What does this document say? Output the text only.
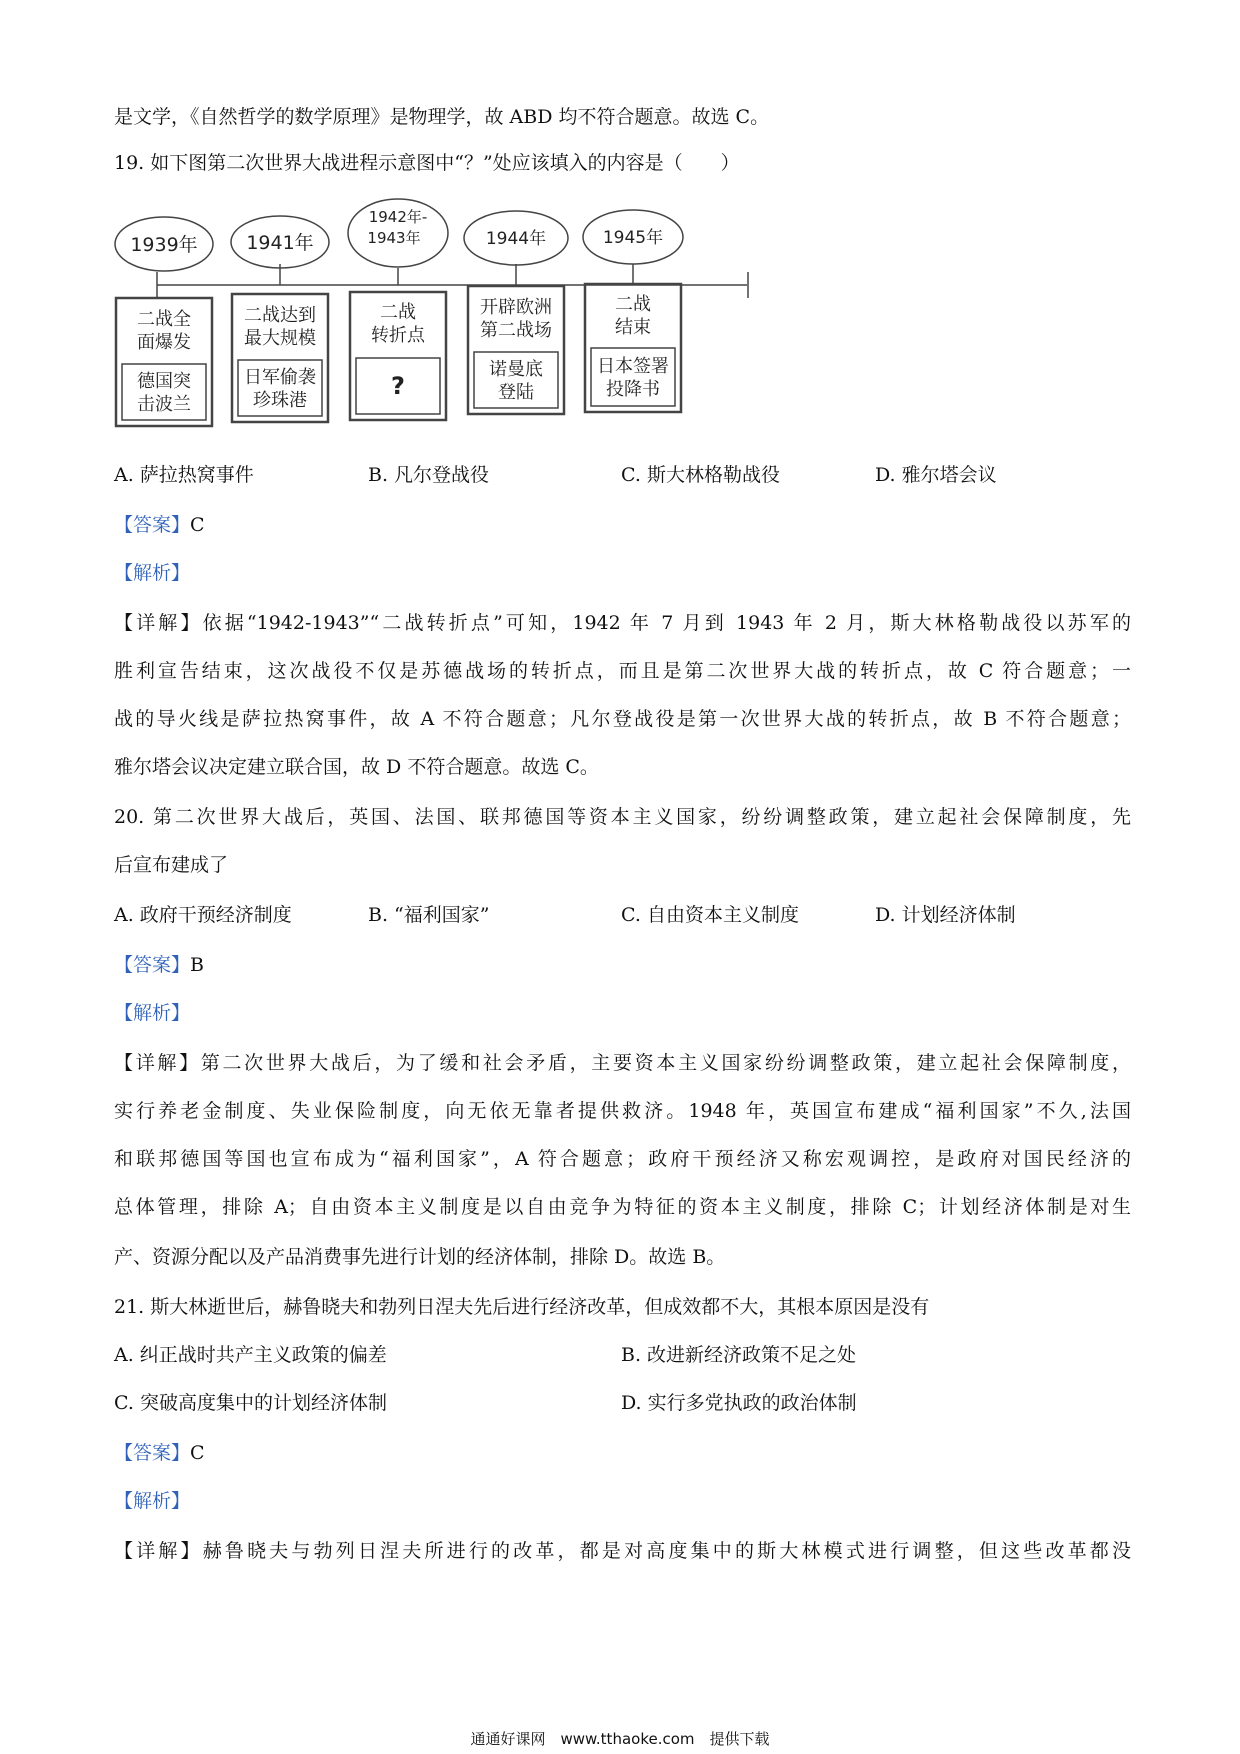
是文学，《自然哲学的数学原理》是物理学，故 ABD 均不符合题意。故选 C。
19. 如下图第二次世界大战进程示意图中“？”处应该填入的内容是（　　）
1939年	1941年
1942年-
1943年	1944年	1945年
二战全
面爆发
二战达到
最大规模
二战
转折点
开辟欧洲
第二战场
二战
结束
德国突
击波兰
日军偷袭
珍珠港
?
诺曼底
登陆
日本签署
投降书
A. 萨拉热窝事件	B. 凡尔登战役	C. 斯大林格勒战役	D. 雅尔塔会议
【答案】C
【解析】
【详解】依据“1942-1943”“二战转折点”可知，1942 年 7 月到 1943 年 2 月，斯大林格勒战役以苏军的
胜利宣告结束，这次战役不仅是苏德战场的转折点，而且是第二次世界大战的转折点，故 C 符合题意；一
战的导火线是萨拉热窝事件，故 A 不符合题意；凡尔登战役是第一次世界大战的转折点，故 B 不符合题意；
雅尔塔会议决定建立联合国，故 D 不符合题意。故选 C。
20. 第二次世界大战后，英国、法国、联邦德国等资本主义国家，纷纷调整政策，建立起社会保障制度，先
后宣布建成了
A. 政府干预经济制度	B. “福利国家”	C. 自由资本主义制度	D. 计划经济体制
【答案】B
【解析】
【详解】第二次世界大战后，为了缓和社会矛盾，主要资本主义国家纷纷调整政策，建立起社会保障制度，
实行养老金制度、失业保险制度，向无依无靠者提供救济。1948 年，英国宣布建成“福利国家”不久,法国
和联邦德国等国也宣布成为“福利国家”，A 符合题意；政府干预经济又称宏观调控，是政府对国民经济的
总体管理，排除 A；自由资本主义制度是以自由竞争为特征的资本主义制度，排除 C；计划经济体制是对生
产、资源分配以及产品消费事先进行计划的经济体制，排除 D。故选 B。
21. 斯大林逝世后，赫鲁晓夫和勃列日涅夫先后进行经济改革，但成效都不大，其根本原因是没有
A. 纠正战时共产主义政策的偏差	B. 改进新经济政策不足之处
C. 突破高度集中的计划经济体制	D. 实行多党执政的政治体制
【答案】C
【解析】
【详解】赫鲁晓夫与勃列日涅夫所进行的改革，都是对高度集中的斯大林模式进行调整，但这些改革都没
通通好课网　www.tthaoke.com　提供下载
